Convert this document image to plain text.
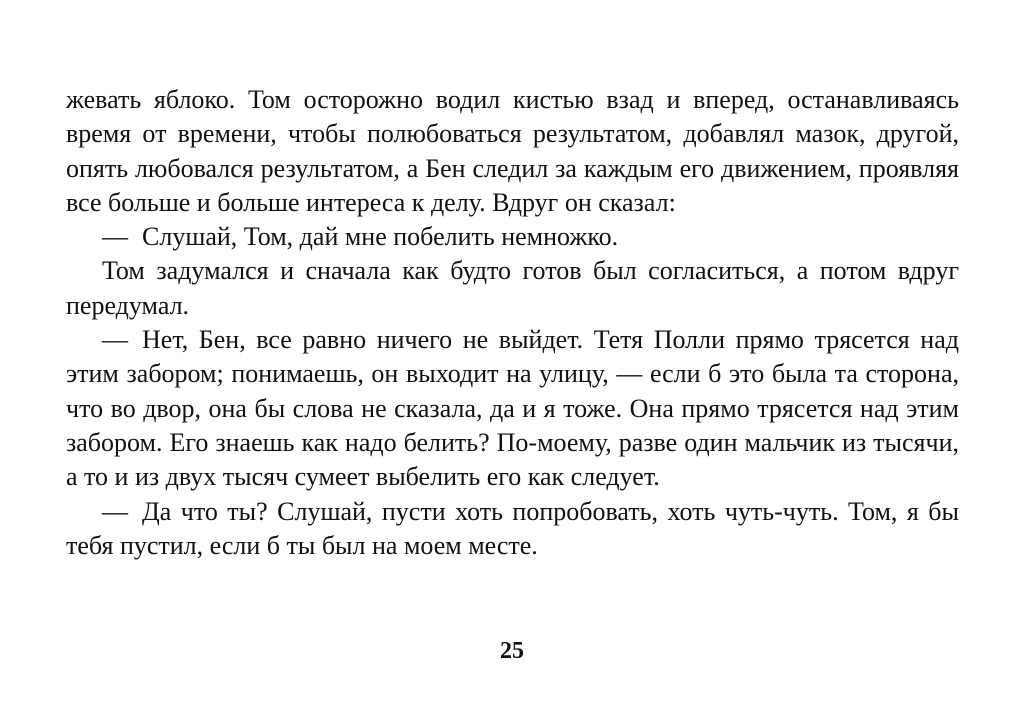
жевать яблоко. Том осторожно водил кистью взад и вперед, останавливаясь время от времени, чтобы полюбоваться результатом, добавлял мазок, другой, опять любовался результатом, а Бен следил за каждым его движением, проявляя все больше и больше интереса к делу. Вдруг он сказал:

— Слушай, Том, дай мне побелить немножко.

Том задумался и сначала как будто готов был согласиться, а потом вдруг передумал.

— Нет, Бен, все равно ничего не выйдет. Тетя Полли прямо трясется над этим забором; понимаешь, он выходит на улицу, — если б это была та сторона, что во двор, она бы слова не сказала, да и я тоже. Она прямо трясется над этим забором. Его знаешь как надо белить? По-моему, разве один мальчик из тысячи, а то и из двух тысяч сумеет выбелить его как следует.

— Да что ты? Слушай, пусти хоть попробовать, хоть чуть-чуть. Том, я бы тебя пустил, если б ты был на моем месте.

25
